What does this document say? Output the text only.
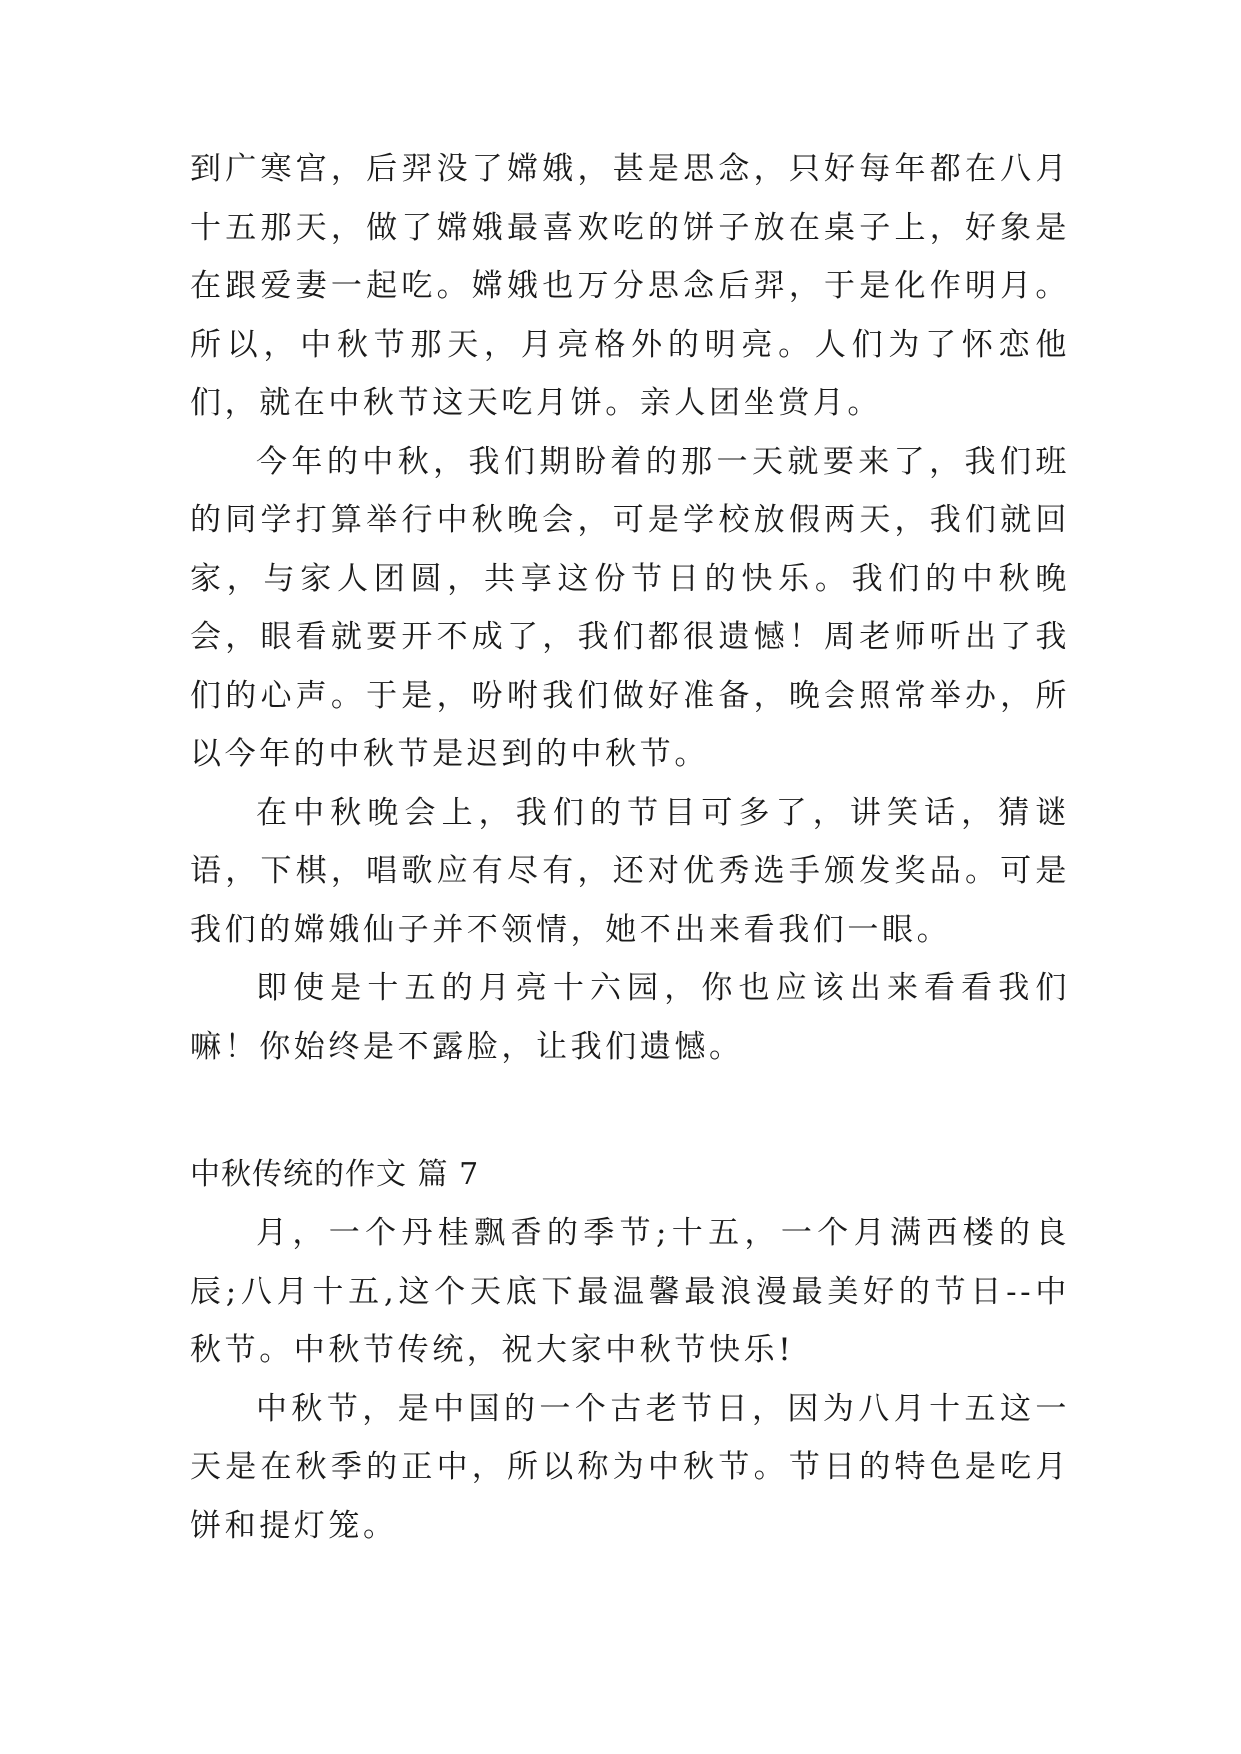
到广寒宫，后羿没了嫦娥，甚是思念，只好每年都在八月十五那天，做了嫦娥最喜欢吃的饼子放在桌子上，好象是在跟爱妻一起吃。嫦娥也万分思念后羿，于是化作明月。所以，中秋节那天，月亮格外的明亮。人们为了怀恋他们，就在中秋节这天吃月饼。亲人团坐赏月。

今年的中秋，我们期盼着的那一天就要来了，我们班的同学打算举行中秋晚会，可是学校放假两天，我们就回家，与家人团圆，共享这份节日的快乐。我们的中秋晚会，眼看就要开不成了，我们都很遗憾！周老师听出了我们的心声。于是，吩咐我们做好准备，晚会照常举办，所以今年的中秋节是迟到的中秋节。

在中秋晚会上，我们的节目可多了，讲笑话，猜谜语，下棋，唱歌应有尽有，还对优秀选手颁发奖品。可是我们的嫦娥仙子并不领情，她不出来看我们一眼。

即使是十五的月亮十六园，你也应该出来看看我们嘛！你始终是不露脸，让我们遗憾。

中秋传统的作文 篇 7

月，一个丹桂飘香的季节;十五，一个月满西楼的良辰;八月十五,这个天底下最温馨最浪漫最美好的节日--中秋节。中秋节传统，祝大家中秋节快乐!

中秋节，是中国的一个古老节日，因为八月十五这一天是在秋季的正中，所以称为中秋节。节日的特色是吃月饼和提灯笼。
